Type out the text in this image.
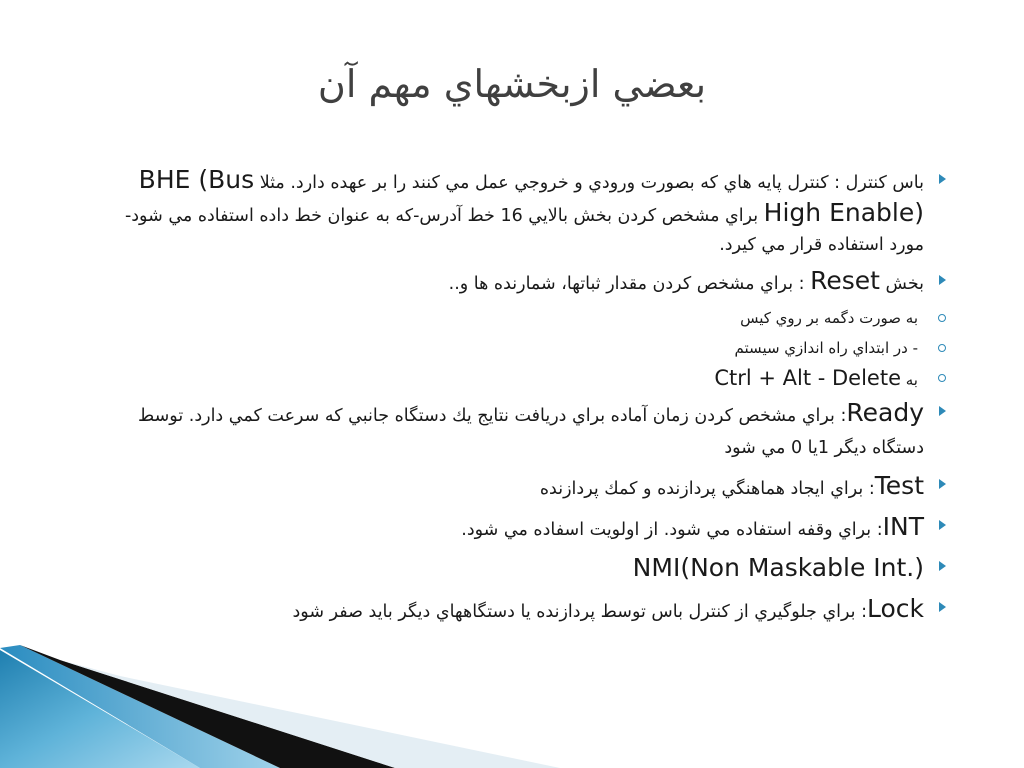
بعضي ازبخشهاي مهم آن
باس کنترل : کنترل پايه هاي که بصورت ورودي و خروجي عمل مي کنند را بر عهده دارد. مثلا BHE (Bus High Enable) براي مشخص کردن بخش بالايي 16 خط آدرس-که به عنوان خط داده استفاده مي شود- مورد استفاده قرار مي کيرد.
بخش Reset : براي مشخص کردن مقدار ثباتها، شمارنده ها و..
به صورت دگمه بر روي کيس
- در ابتداي راه اندازي سيستم
به Ctrl + Alt - Delete
Ready: براي مشخص کردن زمان آماده براي دريافت نتايج يك دستگاه جانبي كه سرعت كمي دارد. توسط دستگاه ديگر 1يا 0 مي شود
Test: براي ايجاد هماهنگي پردازنده و كمك پردازنده
INT: براي وقفه استفاده مي شود. از اولويت اسفاده مي شود.
NMI(Non Maskable Int.)
Lock: براي جلوگيري از كنترل باس توسط پردازنده يا دستگاههاي ديگر بايد صفر شود
